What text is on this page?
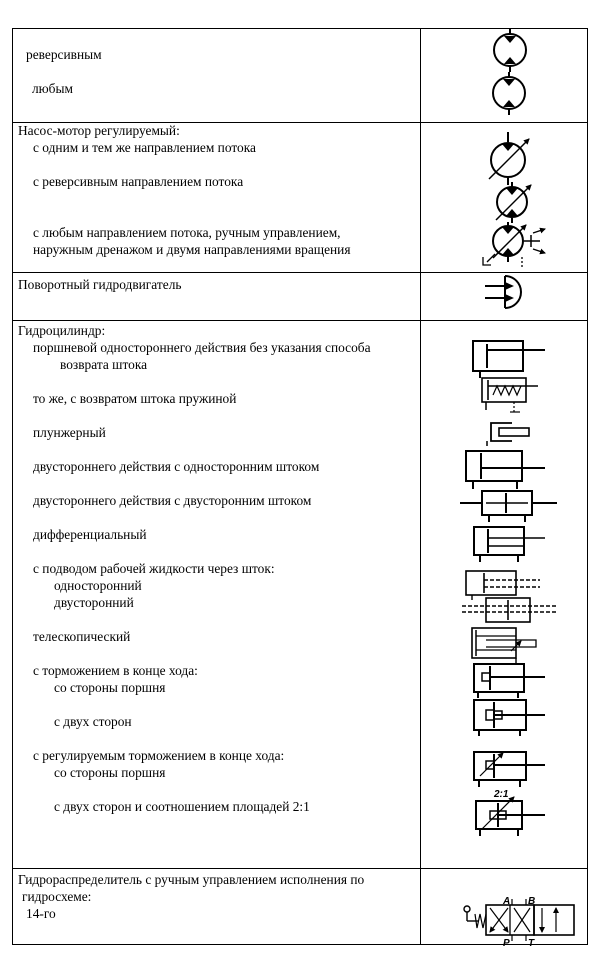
реверсивным

любым

Насос-мотор регулируемый:

с одним и тем же направлением потока

с реверсивным направлением потока

с любым направлением потока, ручным управлением,

наружным дренажом и двумя направлениями вращения

Поворотный гидродвигатель

Гидроцилиндр:

поршневой одностороннего действия без указания способа

возврата штока

то же, с возвратом штока пружиной

плунжерный

двустороннего действия с односторонним штоком

двустороннего действия с двусторонним штоком

дифференциальный

с подводом рабочей жидкости через шток:

односторонний

двусторонний

телескопический

с торможением в конце хода:

со стороны поршня

с двух сторон

с регулируемым торможением в конце хода:

со стороны поршня

с двух сторон и соотношением площадей 2:1

Гидрораспределитель с ручным управлением исполнения по

гидросхеме:

14-го

2:1
A B
P T
